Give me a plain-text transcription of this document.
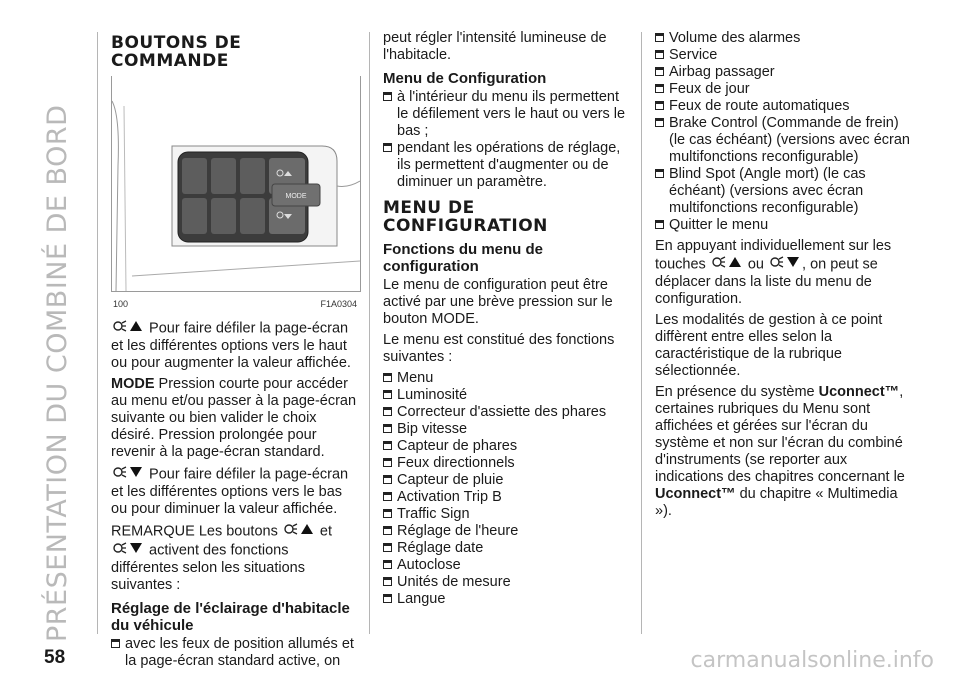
PRÉSENTATION DU COMBINÉ DE BORD
BOUTONS DE COMMANDE
MODE
100	F1A0304

Pour faire défiler la page-écran et les différentes options vers le haut ou pour augmenter la valeur affichée.

MODE Pression courte pour accéder au menu et/ou passer à la page-écran suivante ou bien valider le choix désiré. Pression prolongée pour revenir à la page-écran standard.

Pour faire défiler la page-écran et les différentes options vers le bas ou pour diminuer la valeur affichée.

REMARQUE Les boutons	et  activent des fonctions différentes selon les situations suivantes :

Réglage de l'éclairage d'habitacle du véhicule
avec les feux de position allumés et la page-écran standard active, on

peut régler l'intensité lumineuse de l'habitacle.

Menu de Configuration
à l'intérieur du menu ils permettent le défilement vers le haut ou vers le bas ;
pendant les opérations de réglage, ils permettent d'augmenter ou de diminuer un paramètre.
MENU DE CONFIGURATION
Fonctions du menu de configuration

Le menu de configuration peut être activé par une brève pression sur le bouton MODE.

Le menu est constitué des fonctions suivantes :

Menu
Luminosité
Correcteur d'assiette des phares
Bip vitesse
Capteur de phares
Feux directionnels
Capteur de pluie
Activation Trip B
Traffic Sign
Réglage de l'heure
Réglage date
Autoclose
Unités de mesure
Langue
Volume des alarmes
Service
Airbag passager
Feux de jour
Feux de route automatiques
Brake Control (Commande de frein) (le cas échéant) (versions avec écran multifonctions reconfigurable)
Blind Spot (Angle mort) (le cas échéant) (versions avec écran multifonctions reconfigurable)
Quitter le menu

En appuyant individuellement sur les touches	ou	, on peut se déplacer dans la liste du menu de configuration.

Les modalités de gestion à ce point diffèrent entre elles selon la caractéristique de la rubrique sélectionnée.

En présence du système Uconnect™, certaines rubriques du Menu sont affichées et gérées sur l'écran du système et non sur l'écran du combiné d'instruments (se reporter aux indications des chapitres concernant le Uconnect™ du chapitre « Multimedia »).

58	carmanualsonline.info
